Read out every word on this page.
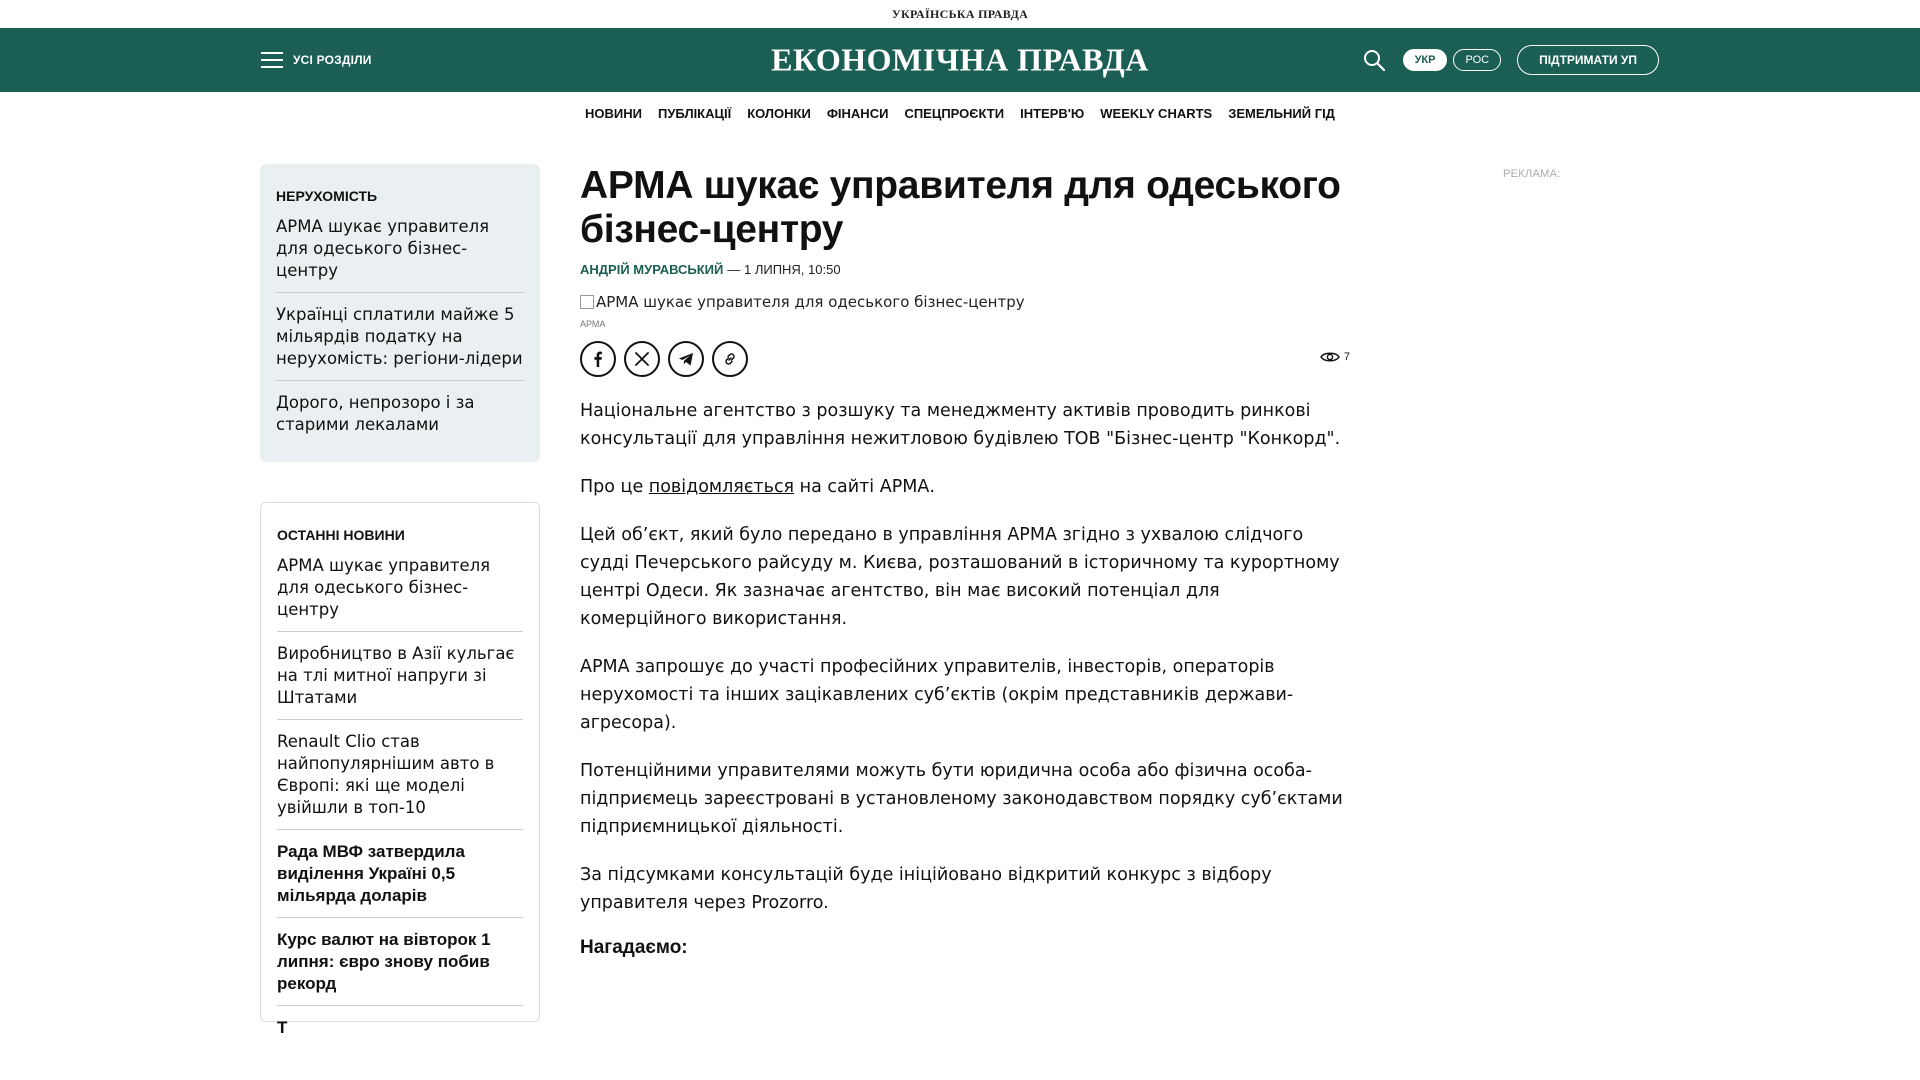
УКРАЇНСЬКА ПРАВДА
УСІ РОЗДІЛИ	ЕКОНОМІЧНА ПРАВДА	УКР	РОС	ПІДТРИМАТИ УП
НОВИНИ ПУБЛІКАЦІЇ КОЛОНКИ ФІНАНСИ СПЕЦПРОЄКТИ ІНТЕРВ'Ю WEEKLY CHARTS ЗЕМЕЛЬНИЙ ГІД
НЕРУХОМІСТЬ
АРМА шукає управителя для одеського бізнес-центру
Українці сплатили майже 5 мільярдів податку на нерухомість: регіони-лідери
Дорого, непрозоро і за старими лекалами
ОСТАННІ НОВИНИ
АРМА шукає управителя для одеського бізнес-центру
Виробництво в Азії кульгає на тлі митної напруги зі Штатами
Renault Clio став найпопулярнішим авто в Європі: які ще моделі увійшли в топ-10
Рада МВФ затвердила виділення Україні 0,5 мільярда доларів
Курс валют на вівторок 1 липня: євро знову побив рекорд
Т
АРМА шукає управителя для одеського бізнес-центру
АНДРІЙ МУРАВСЬКИЙ — 1 ЛИПНЯ, 10:50
АРМА шукає управителя для одеського бізнес-центру
АРМА
7

Національне агентство з розшуку та менеджменту активів проводить ринкові консультації для управління нежитловою будівлею ТОВ "Бізнес-центр "Конкорд".

Про це повідомляється на сайті АРМА.

Цей об’єкт, який було передано в управління АРМА згідно з ухвалою слідчого судді Печерського райсуду м. Києва, розташований в історичному та курортному центрі Одеси. Як зазначає агентство, він має високий потенціал для комерційного використання.

АРМА запрошує до участі професійних управителів, інвесторів, операторів нерухомості та інших зацікавлених суб’єктів (окрім представників держави-агресора).

Потенційними управителями можуть бути юридична особа або фізична особа-підприємець зареєстровані в установленому законодавством порядку суб’єктами підприємницької діяльності.

За підсумками консультацій буде ініційовано відкритий конкурс з відбору управителя через Prozorro.

Нагадаємо:

РЕКЛАМА:
